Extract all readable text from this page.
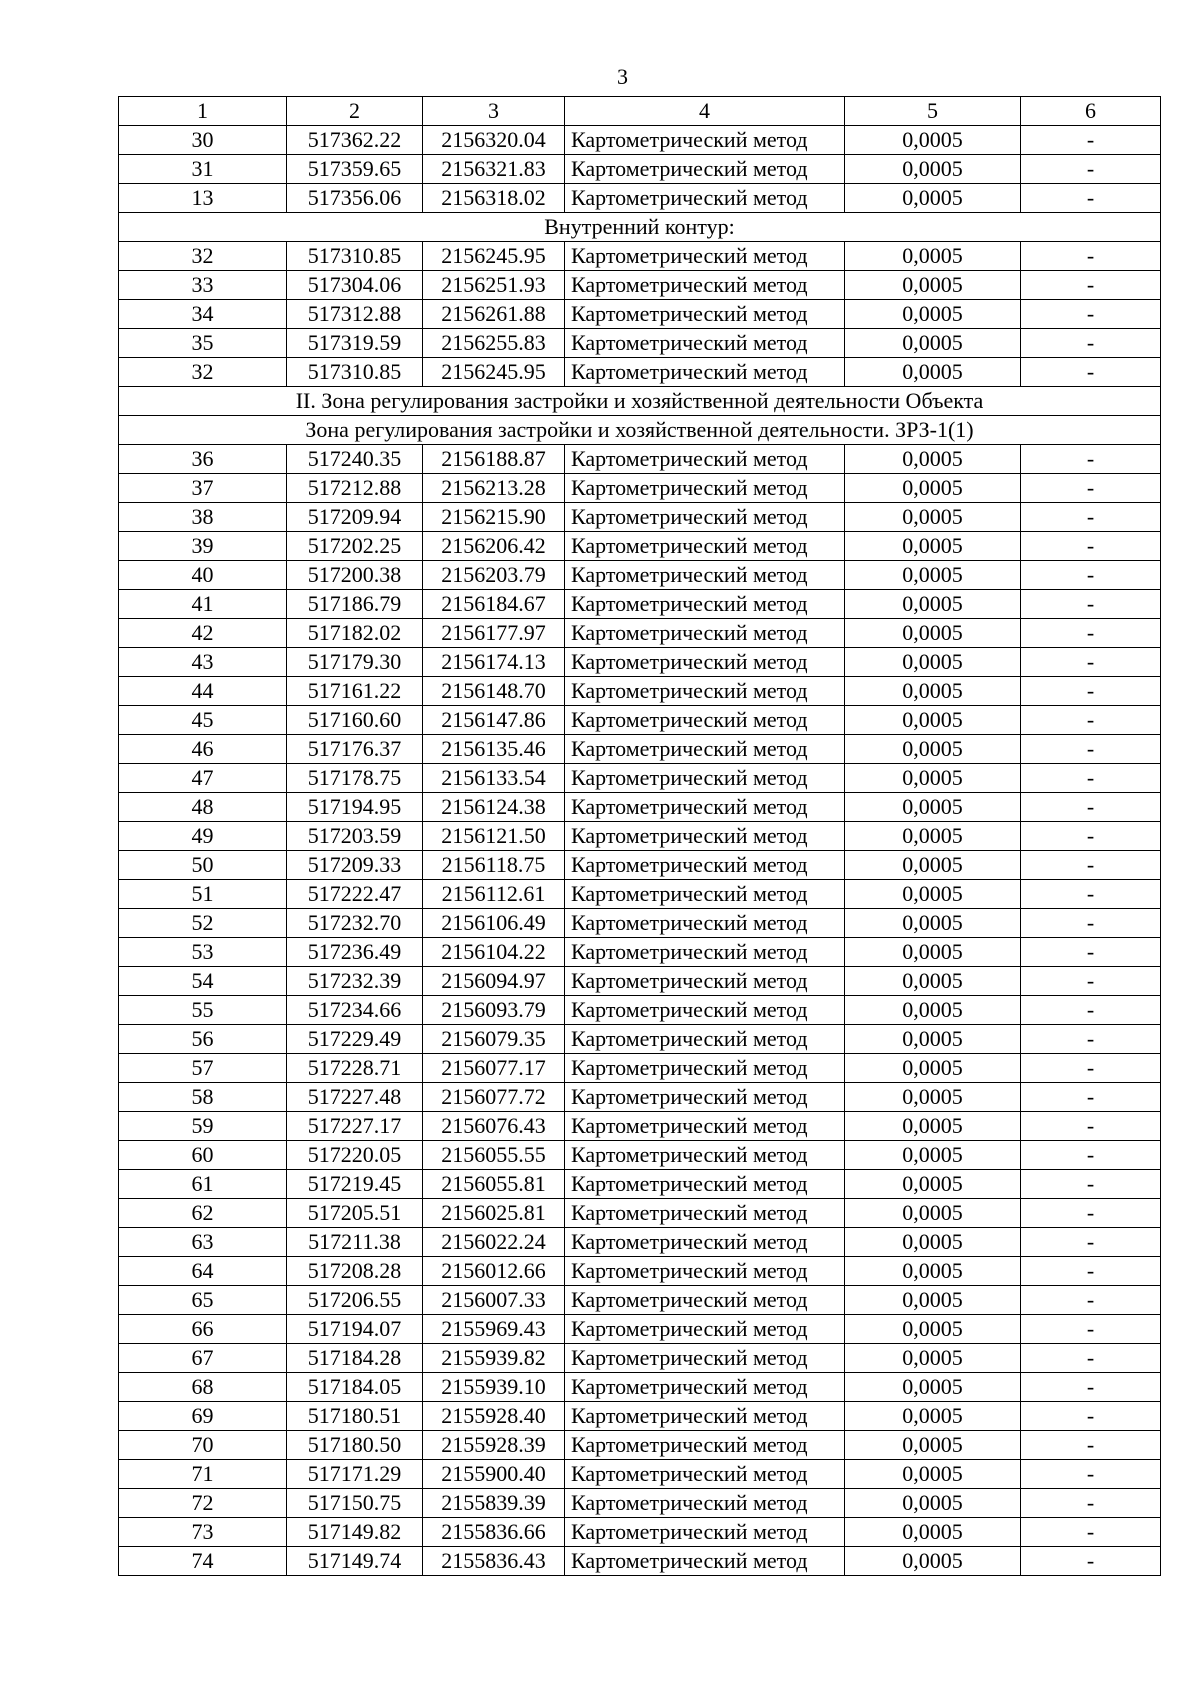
3
1	2	3	4	5	6
30	517362.22	2156320.04	Картометрический метод	0,0005	-
31	517359.65	2156321.83	Картометрический метод	0,0005	-
13	517356.06	2156318.02	Картометрический метод	0,0005	-
Внутренний контур:					
32	517310.85	2156245.95	Картометрический метод	0,0005	-
33	517304.06	2156251.93	Картометрический метод	0,0005	-
34	517312.88	2156261.88	Картометрический метод	0,0005	-
35	517319.59	2156255.83	Картометрический метод	0,0005	-
32	517310.85	2156245.95	Картометрический метод	0,0005	-
II. Зона регулирования застройки и хозяйственной деятельности Объекта					
Зона регулирования застройки и хозяйственной деятельности. ЗРЗ-1(1)					
36	517240.35	2156188.87	Картометрический метод	0,0005	-
37	517212.88	2156213.28	Картометрический метод	0,0005	-
38	517209.94	2156215.90	Картометрический метод	0,0005	-
39	517202.25	2156206.42	Картометрический метод	0,0005	-
40	517200.38	2156203.79	Картометрический метод	0,0005	-
41	517186.79	2156184.67	Картометрический метод	0,0005	-
42	517182.02	2156177.97	Картометрический метод	0,0005	-
43	517179.30	2156174.13	Картометрический метод	0,0005	-
44	517161.22	2156148.70	Картометрический метод	0,0005	-
45	517160.60	2156147.86	Картометрический метод	0,0005	-
46	517176.37	2156135.46	Картометрический метод	0,0005	-
47	517178.75	2156133.54	Картометрический метод	0,0005	-
48	517194.95	2156124.38	Картометрический метод	0,0005	-
49	517203.59	2156121.50	Картометрический метод	0,0005	-
50	517209.33	2156118.75	Картометрический метод	0,0005	-
51	517222.47	2156112.61	Картометрический метод	0,0005	-
52	517232.70	2156106.49	Картометрический метод	0,0005	-
53	517236.49	2156104.22	Картометрический метод	0,0005	-
54	517232.39	2156094.97	Картометрический метод	0,0005	-
55	517234.66	2156093.79	Картометрический метод	0,0005	-
56	517229.49	2156079.35	Картометрический метод	0,0005	-
57	517228.71	2156077.17	Картометрический метод	0,0005	-
58	517227.48	2156077.72	Картометрический метод	0,0005	-
59	517227.17	2156076.43	Картометрический метод	0,0005	-
60	517220.05	2156055.55	Картометрический метод	0,0005	-
61	517219.45	2156055.81	Картометрический метод	0,0005	-
62	517205.51	2156025.81	Картометрический метод	0,0005	-
63	517211.38	2156022.24	Картометрический метод	0,0005	-
64	517208.28	2156012.66	Картометрический метод	0,0005	-
65	517206.55	2156007.33	Картометрический метод	0,0005	-
66	517194.07	2155969.43	Картометрический метод	0,0005	-
67	517184.28	2155939.82	Картометрический метод	0,0005	-
68	517184.05	2155939.10	Картометрический метод	0,0005	-
69	517180.51	2155928.40	Картометрический метод	0,0005	-
70	517180.50	2155928.39	Картометрический метод	0,0005	-
71	517171.29	2155900.40	Картометрический метод	0,0005	-
72	517150.75	2155839.39	Картометрический метод	0,0005	-
73	517149.82	2155836.66	Картометрический метод	0,0005	-
74	517149.74	2155836.43	Картометрический метод	0,0005	-
